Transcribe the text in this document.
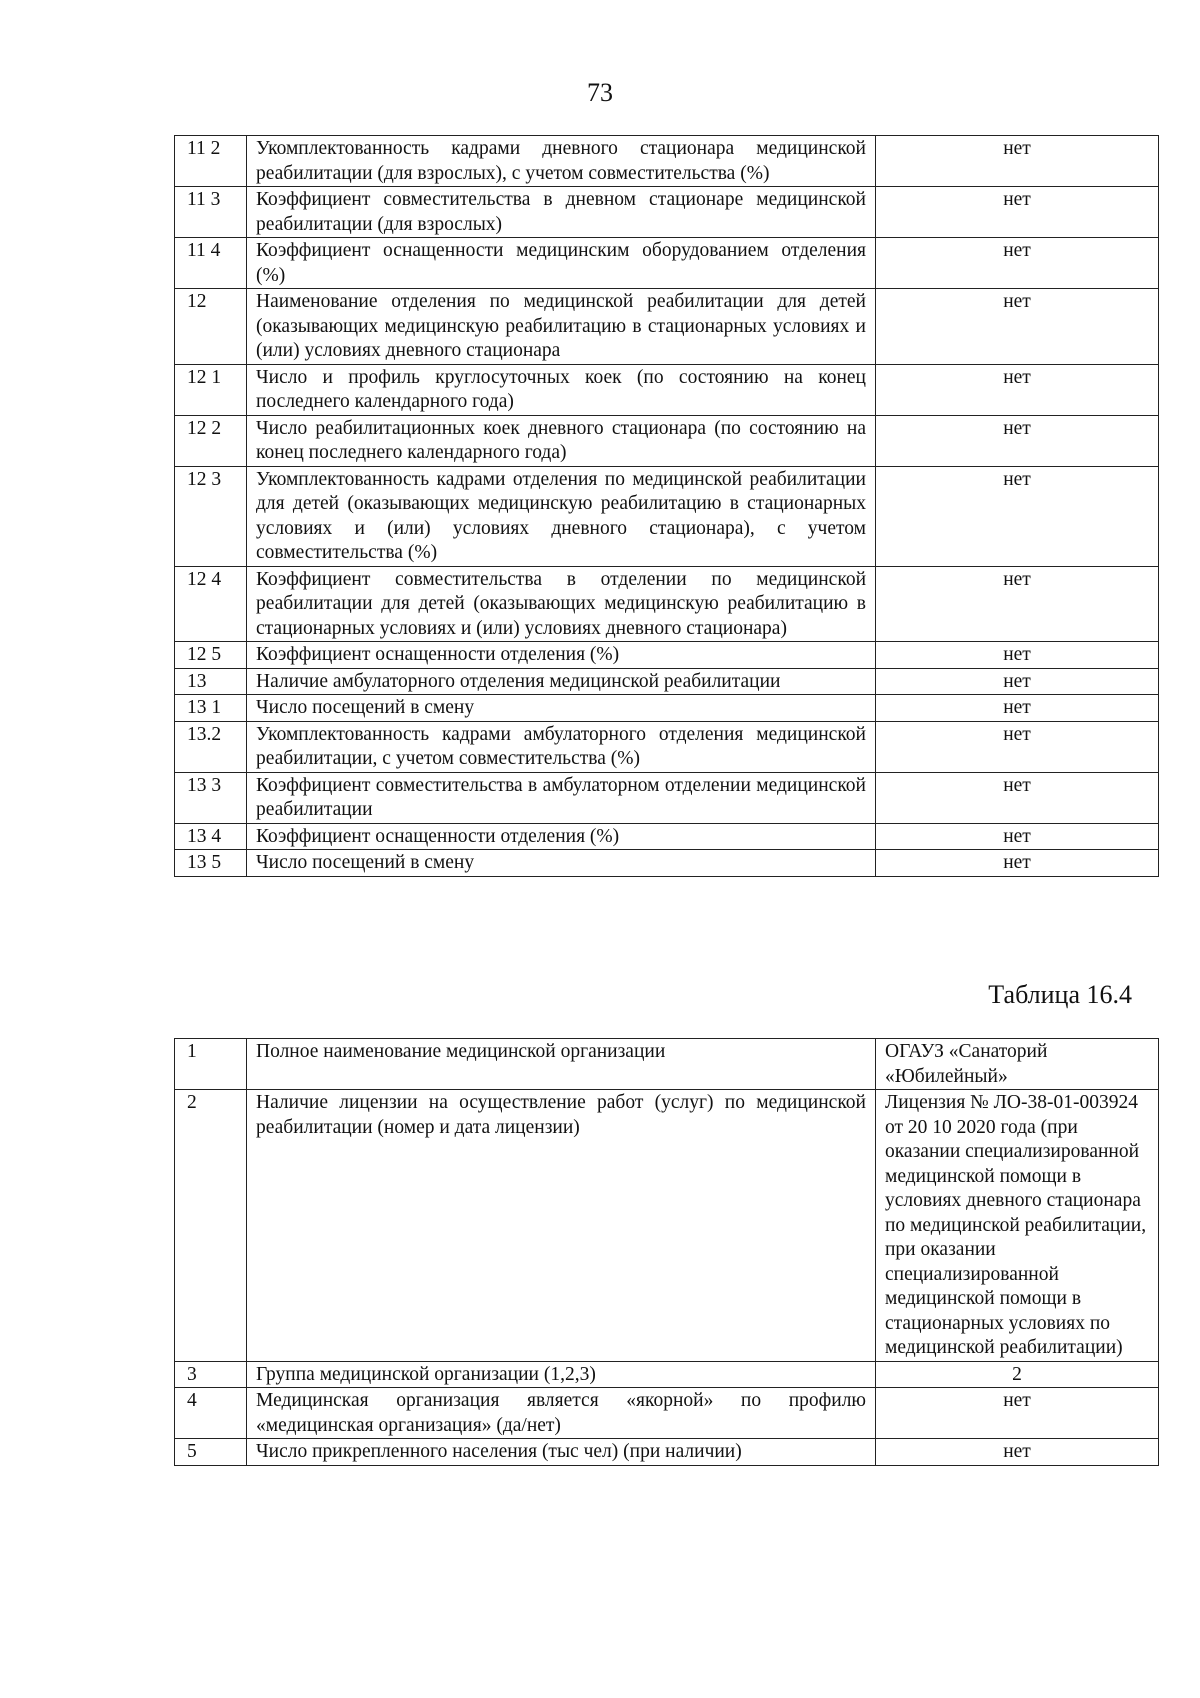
73
11 2	Укомплектованность кадрами дневного стационара медицинской реабилитации (для взрослых), с учетом совместительства (%)	нет
11 3	Коэффициент совместительства в дневном стационаре медицинской реабилитации (для взрослых)	нет
11 4	Коэффициент оснащенности медицинским оборудованием отделения (%)	нет
12	Наименование отделения по медицинской реабилитации для детей (оказывающих медицинскую реабилитацию в стационарных условиях и (или) условиях дневного стационара	нет
12 1	Число и профиль круглосуточных коек (по состоянию на конец последнего календарного года)	нет
12 2	Число реабилитационных коек дневного стационара (по состоянию на конец последнего календарного года)	нет
12 3	Укомплектованность кадрами отделения по медицинской реабилитации для детей (оказывающих медицинскую реабилитацию в стационарных условиях и (или) условиях дневного стационара), с учетом совместительства (%)	нет
12 4	Коэффициент совместительства в отделении по медицинской реабилитации для детей (оказывающих медицинскую реабилитацию в стационарных условиях и (или) условиях дневного стационара)	нет
12 5	Коэффициент оснащенности отделения (%)	нет
13	Наличие амбулаторного отделения медицинской реабилитации	нет
13 1	Число посещений в смену	нет
13.2	Укомплектованность кадрами амбулаторного отделения медицинской реабилитации, с учетом совместительства (%)	нет
13 3	Коэффициент совместительства в амбулаторном отделении медицинской реабилитации	нет
13 4	Коэффициент оснащенности отделения (%)	нет
13 5	Число посещений в смену	нет
Таблица 16.4
1	Полное наименование медицинской организации	ОГАУЗ «Санаторий «Юбилейный»
2	Наличие лицензии на осуществление работ (услуг) по медицинской реабилитации (номер и дата лицензии)	Лицензия № ЛО-38-01-003924 от 20 10 2020 года (при оказании специализированной медицинской помощи в условиях дневного стационара по медицинской реабилитации, при оказании специализированной медицинской помощи в стационарных условиях по медицинской реабилитации)
3	Группа медицинской организации (1,2,3)	2
4	Медицинская организация является «якорной» по профилю «медицинская организация» (да/нет)	нет
5	Число прикрепленного населения (тыс чел) (при наличии)	нет
